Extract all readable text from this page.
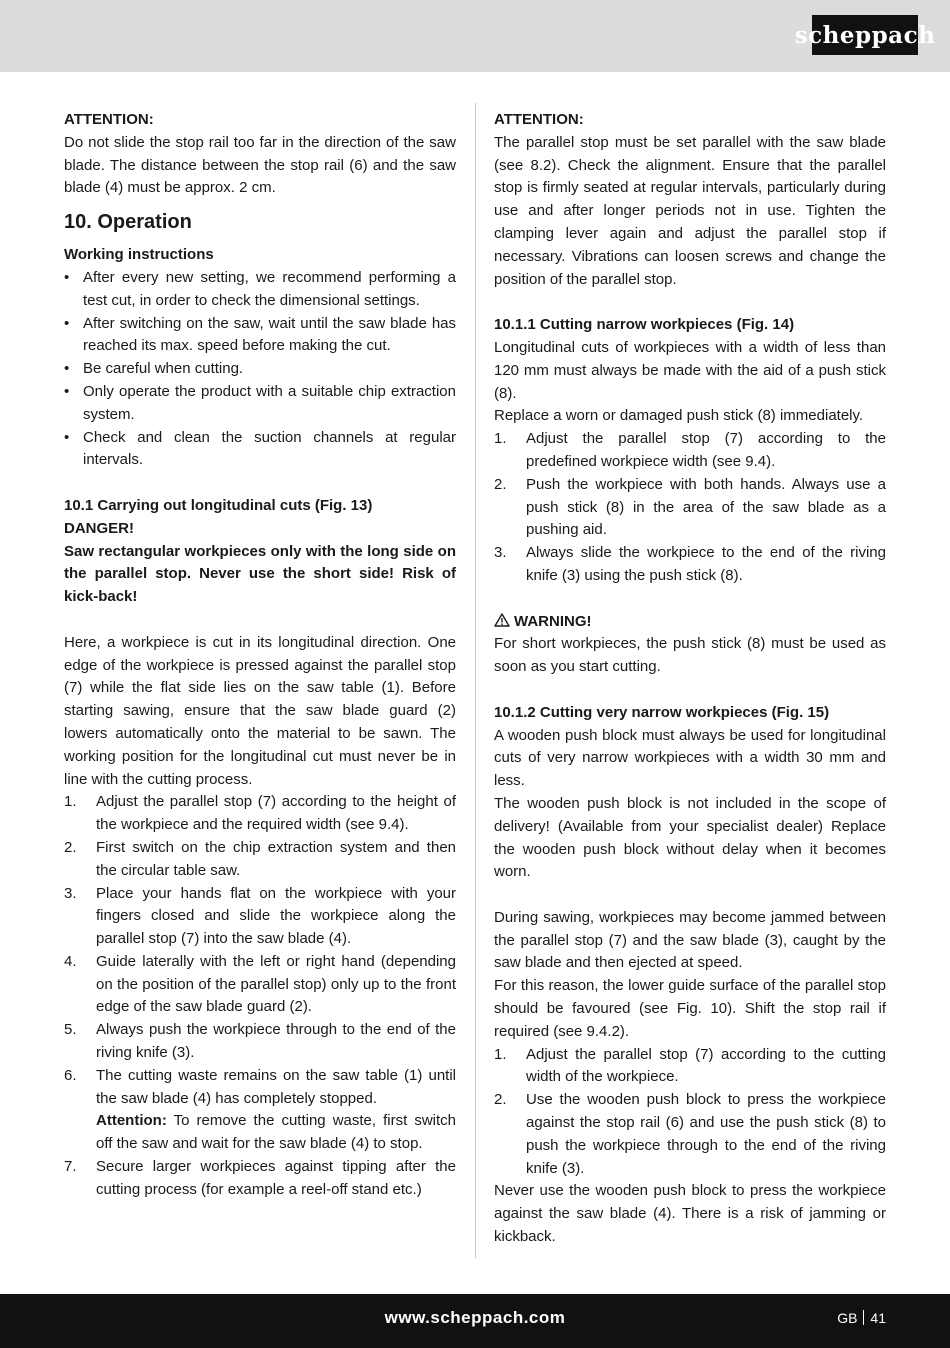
scheppach

ATTENTION:

Do not slide the stop rail too far in the direction of the saw blade. The distance between the stop rail (6) and the saw blade (4) must be approx. 2 cm.

10. Operation

Working instructions

• After every new setting, we recommend performing a test cut, in order to check the dimensional settings.
• After switching on the saw, wait until the saw blade has reached its max. speed before making the cut.
• Be careful when cutting.
• Only operate the product with a suitable chip extraction system.
• Check and clean the suction channels at regular intervals.

10.1 Carrying out longitudinal cuts (Fig. 13)

DANGER!

Saw rectangular workpieces only with the long side on the parallel stop. Never use the short side! Risk of kick-back!

Here, a workpiece is cut in its longitudinal direction. One edge of the workpiece is pressed against the parallel stop (7) while the flat side lies on the saw table (1). Before starting sawing, ensure that the saw blade guard (2) lowers automatically onto the material to be sawn. The working position for the longitudinal cut must never be in line with the cutting process.

1.	Adjust the parallel stop (7) according to the height of the workpiece and the required width (see 9.4).
2.	First switch on the chip extraction system and then the circular table saw.
3.	Place your hands flat on the workpiece with your fingers closed and slide the workpiece along the parallel stop (7) into the saw blade (4).
4.	Guide laterally with the left or right hand (depending on the position of the parallel stop) only up to the front edge of the saw blade guard (2).
5.	Always push the workpiece through to the end of the riving knife (3).
6.	The cutting waste remains on the saw table (1) until the saw blade (4) has completely stopped.
Attention: To remove the cutting waste, first switch off the saw and wait for the saw blade (4) to stop.
7.	Secure larger workpieces against tipping after the cutting process (for example a reel-off stand etc.)

ATTENTION:

The parallel stop must be set parallel with the saw blade (see 8.2). Check the alignment. Ensure that the parallel stop is firmly seated at regular intervals, particularly during use and after longer periods not in use. Tighten the clamping lever again and adjust the parallel stop if necessary. Vibrations can loosen screws and change the position of the parallel stop.

10.1.1 Cutting narrow workpieces (Fig. 14)

Longitudinal cuts of workpieces with a width of less than 120 mm must always be made with the aid of a push stick (8).

Replace a worn or damaged push stick (8) immediately.

1.	Adjust the parallel stop (7) according to the predefined workpiece width (see 9.4).
2.	Push the workpiece with both hands. Always use a push stick (8) in the area of the saw blade as a pushing aid.
3.	Always slide the workpiece to the end of the riving knife (3) using the push stick (8).

WARNING!

For short workpieces, the push stick (8) must be used as soon as you start cutting.

10.1.2 Cutting very narrow workpieces (Fig. 15)

A wooden push block must always be used for longitudinal cuts of very narrow workpieces with a width 30 mm and less.

The wooden push block is not included in the scope of delivery! (Available from your specialist dealer) Replace the wooden push block without delay when it becomes worn.

During sawing, workpieces may become jammed between the parallel stop (7) and the saw blade (3), caught by the saw blade and then ejected at speed.

For this reason, the lower guide surface of the parallel stop should be favoured (see Fig. 10). Shift the stop rail if required (see 9.4.2).

1.	Adjust the parallel stop (7) according to the cutting width of the workpiece.
2.	Use the wooden push block to press the workpiece against the stop rail (6) and use the push stick (8) to push the workpiece through to the end of the riving knife (3).

Never use the wooden push block to press the workpiece against the saw blade (4). There is a risk of jamming or kickback.

www.scheppach.com	GB 41
